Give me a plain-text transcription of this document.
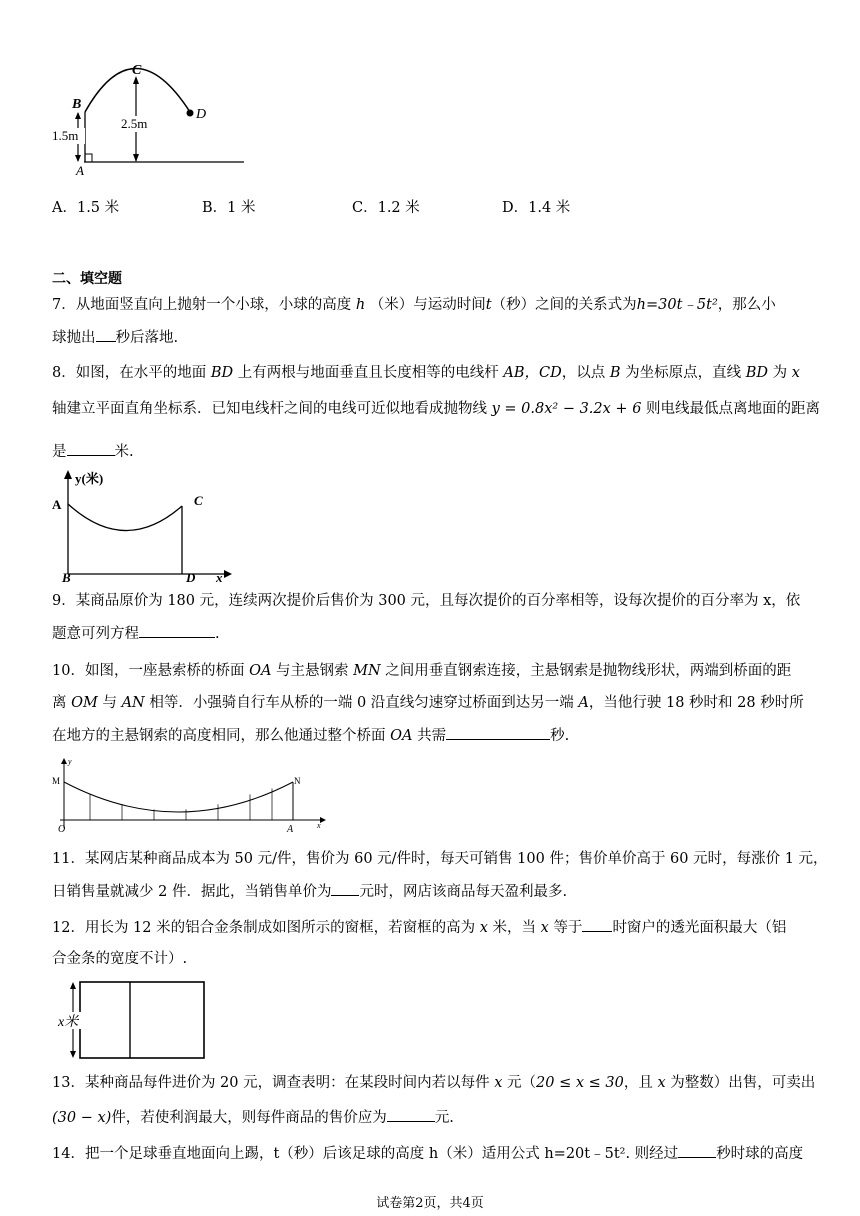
1.5m
2.5m
C
B
D
A
A．1.5 米	B．1 米	C．1.2 米	D．1.4 米
二、填空题
7．从地面竖直向上抛射一个小球，小球的高度 h （米）与运动时间t（秒）之间的关系式为h=30t﹣5t²，那么小
球抛出 秒后落地.
8．如图，在水平的地面 BD 上有两根与地面垂直且长度相等的电线杆 AB，CD，以点 B 为坐标原点，直线 BD 为 x
轴建立平面直角坐标系．已知电线杆之间的电线可近似地看成抛物线 y = 0.8x² − 3.2x + 6 则电线最低点离地面的距离
是	米.
y(米)
A	C
B	D x
9．某商品原价为 180 元，连续两次提价后售价为 300 元，且每次提价的百分率相等，设每次提价的百分率为 x，依
题意可列方程	.
10．如图，一座悬索桥的桥面 OA 与主悬钢索 MN 之间用垂直钢索连接，主悬钢索是抛物线形状，两端到桥面的距
离 OM 与 AN 相等．小强骑自行车从桥的一端 0 沿直线匀速穿过桥面到达另一端 A，当他行驶 18 秒时和 28 秒时所
在地方的主悬钢索的高度相同，那么他通过整个桥面 OA 共需	秒.
M	N
O	A	x
y
11．某网店某种商品成本为 50 元/件，售价为 60 元/件时，每天可销售 100 件；售价单价高于 60 元时，每涨价 1 元，
日销售量就减少 2 件．据此，当销售单价为 元时，网店该商品每天盈利最多.
12．用长为 12 米的铝合金条制成如图所示的窗框，若窗框的高为 x 米，当 x 等于 时窗户的透光面积最大（铝
合金条的宽度不计）.
x米
13．某种商品每件进价为 20 元，调查表明：在某段时间内若以每件 x 元（20 ≤ x ≤ 30，且 x 为整数）出售，可卖出
(30 − x)件，若使利润最大，则每件商品的售价应为	元.
14．把一个足球垂直地面向上踢，t（秒）后该足球的高度 h（米）适用公式 h=20t﹣5t². 则经过	秒时球的高度
试卷第2页，共4页
